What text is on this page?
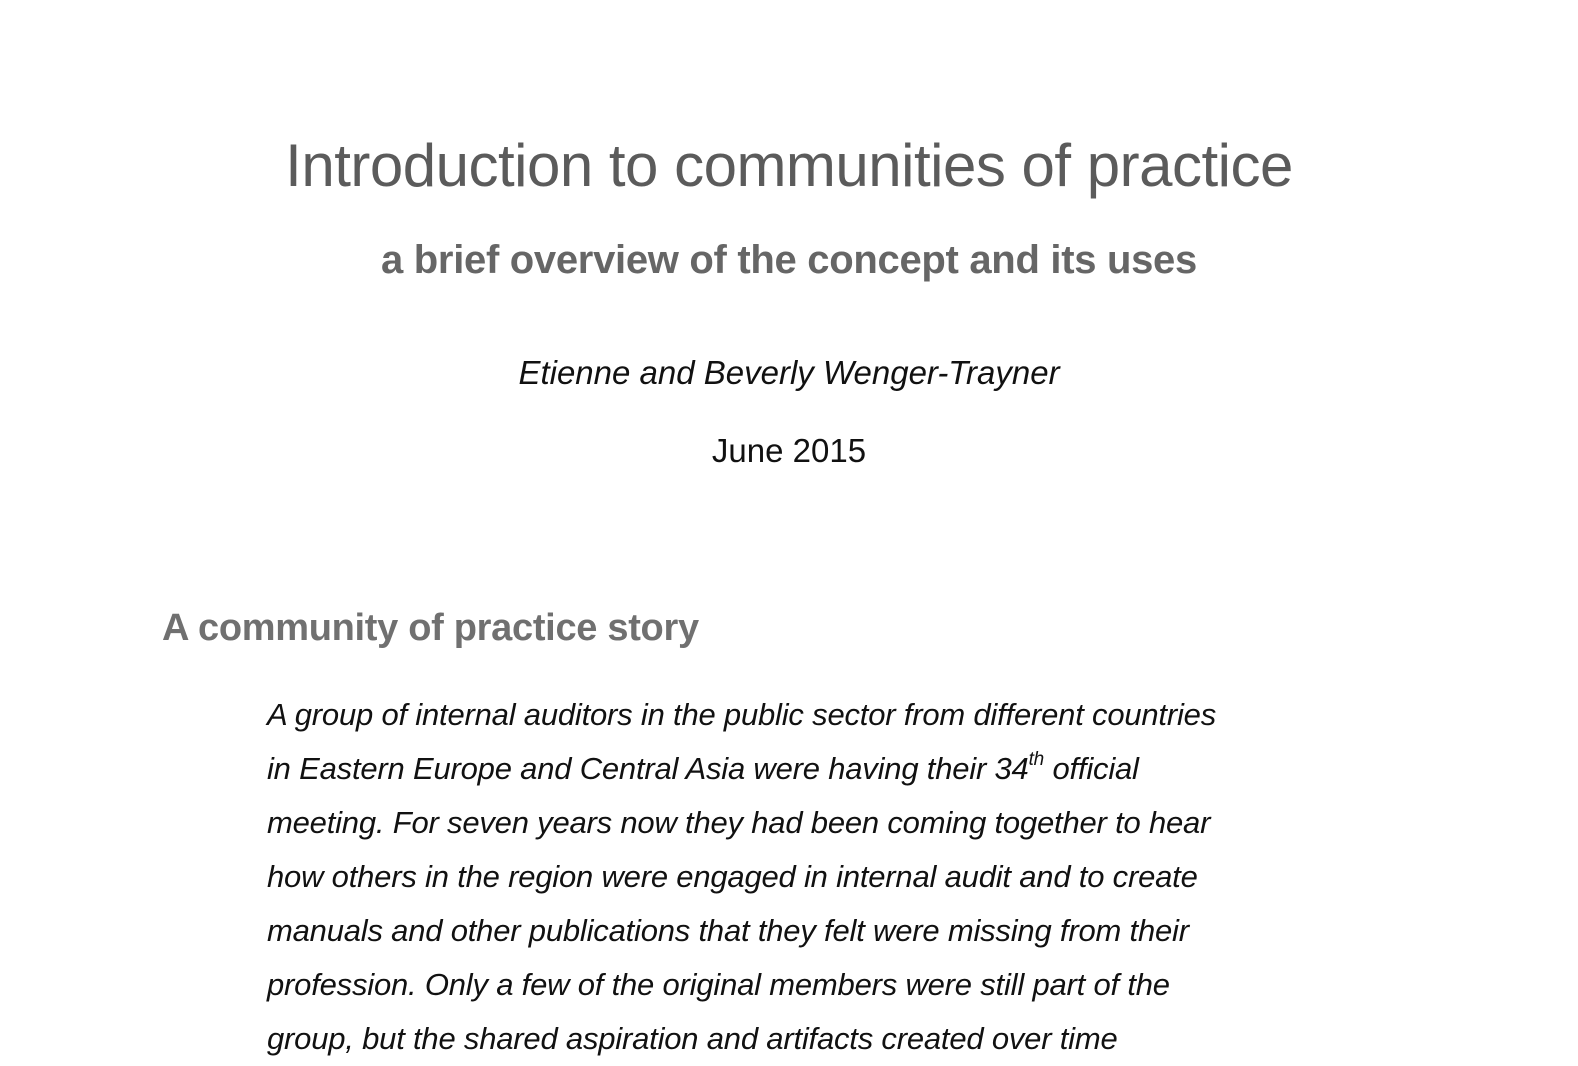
Introduction to communities of practice
a brief overview of the concept and its uses

Etienne and Beverly Wenger-Trayner

June 2015

A community of practice story
A group of internal auditors in the public sector from different countries
in Eastern Europe and Central Asia were having their 34th official
meeting. For seven years now they had been coming together to hear
how others in the region were engaged in internal audit and to create
manuals and other publications that they felt were missing from their
profession. Only a few of the original members were still part of the
group, but the shared aspiration and artifacts created over time
